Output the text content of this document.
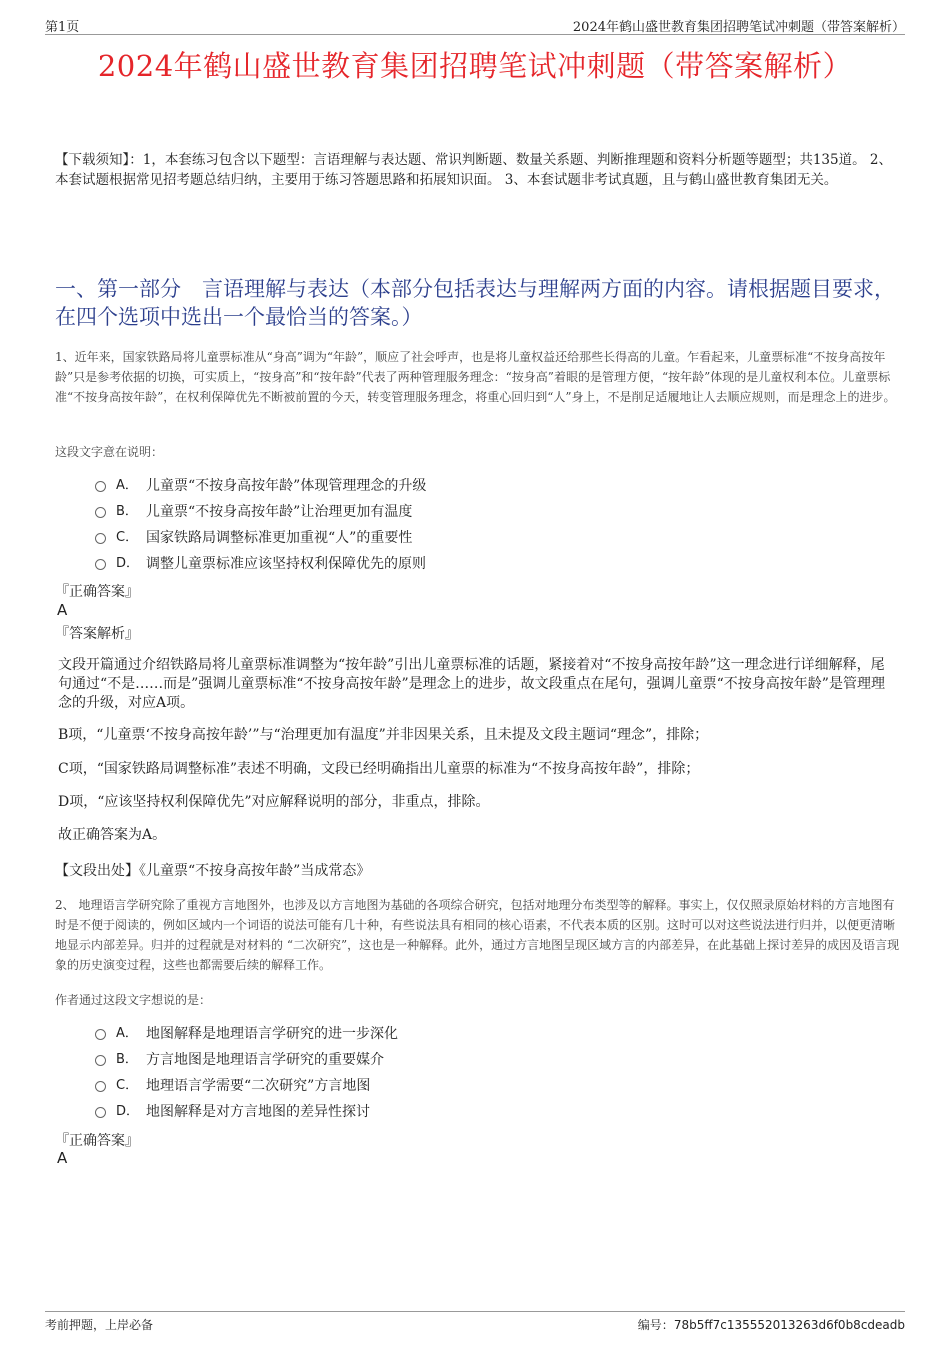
第1页	2024年鹤山盛世教育集团招聘笔试冲刺题（带答案解析）
2024年鹤山盛世教育集团招聘笔试冲刺题（带答案解析）
【下载须知】：1，本套练习包含以下题型：言语理解与表达题、常识判断题、数量关系题、判断推理题和资料分析题等题型；共135道。 2、本套试题根据常见招考题总结归纳，主要用于练习答题思路和拓展知识面。 3、本套试题非考试真题，且与鹤山盛世教育集团无关。
一、第一部分　言语理解与表达（本部分包括表达与理解两方面的内容。请根据题目要求，在四个选项中选出一个最恰当的答案。）
1、近年来，国家铁路局将儿童票标准从“身高”调为“年龄”，顺应了社会呼声，也是将儿童权益还给那些长得高的儿童。乍看起来，儿童票标准“不按身高按年龄”只是参考依据的切换，可实质上，“按身高”和“按年龄”代表了两种管理服务理念：“按身高”着眼的是管理方便，“按年龄”体现的是儿童权利本位。儿童票标准“不按身高按年龄”，在权利保障优先不断被前置的今天，转变管理服务理念，将重心回归到“人”身上，不是削足适履地让人去顺应规则，而是理念上的进步。
这段文字意在说明：
A． 儿童票“不按身高按年龄”体现管理理念的升级
B． 儿童票“不按身高按年龄”让治理更加有温度
C． 国家铁路局调整标准更加重视“人”的重要性
D． 调整儿童票标准应该坚持权利保障优先的原则
『正确答案』
A
『答案解析』
文段开篇通过介绍铁路局将儿童票标准调整为“按年龄”引出儿童票标准的话题，紧接着对“不按身高按年龄”这一理念进行详细解释，尾句通过“不是……而是”强调儿童票标准“不按身高按年龄”是理念上的进步，故文段重点在尾句，强调儿童票“不按身高按年龄”是管理理念的升级，对应A项。
B项，“儿童票‘不按身高按年龄’”与“治理更加有温度”并非因果关系，且未提及文段主题词“理念”，排除；
C项，“国家铁路局调整标准”表述不明确，文段已经明确指出儿童票的标准为“不按身高按年龄”，排除；
D项，“应该坚持权利保障优先”对应解释说明的部分，非重点，排除。
故正确答案为A。
【文段出处】《儿童票“不按身高按年龄”当成常态》
2、 地理语言学研究除了重视方言地图外，也涉及以方言地图为基础的各项综合研究，包括对地理分布类型等的解释。事实上，仅仅照录原始材料的方言地图有时是不便于阅读的，例如区域内一个词语的说法可能有几十种，有些说法具有相同的核心语素，不代表本质的区别。这时可以对这些说法进行归并，以便更清晰地显示内部差异。归并的过程就是对材料的 “二次研究”，这也是一种解释。此外，通过方言地图呈现区域方言的内部差异，在此基础上探讨差异的成因及语言现象的历史演变过程，这些也都需要后续的解释工作。
作者通过这段文字想说的是：
A． 地图解释是地理语言学研究的进一步深化
B． 方言地图是地理语言学研究的重要媒介
C． 地理语言学需要“二次研究”方言地图
D． 地图解释是对方言地图的差异性探讨
『正确答案』
A
考前押题，上岸必备	编号：78b5ff7c135552013263d6f0b8cdeadb
